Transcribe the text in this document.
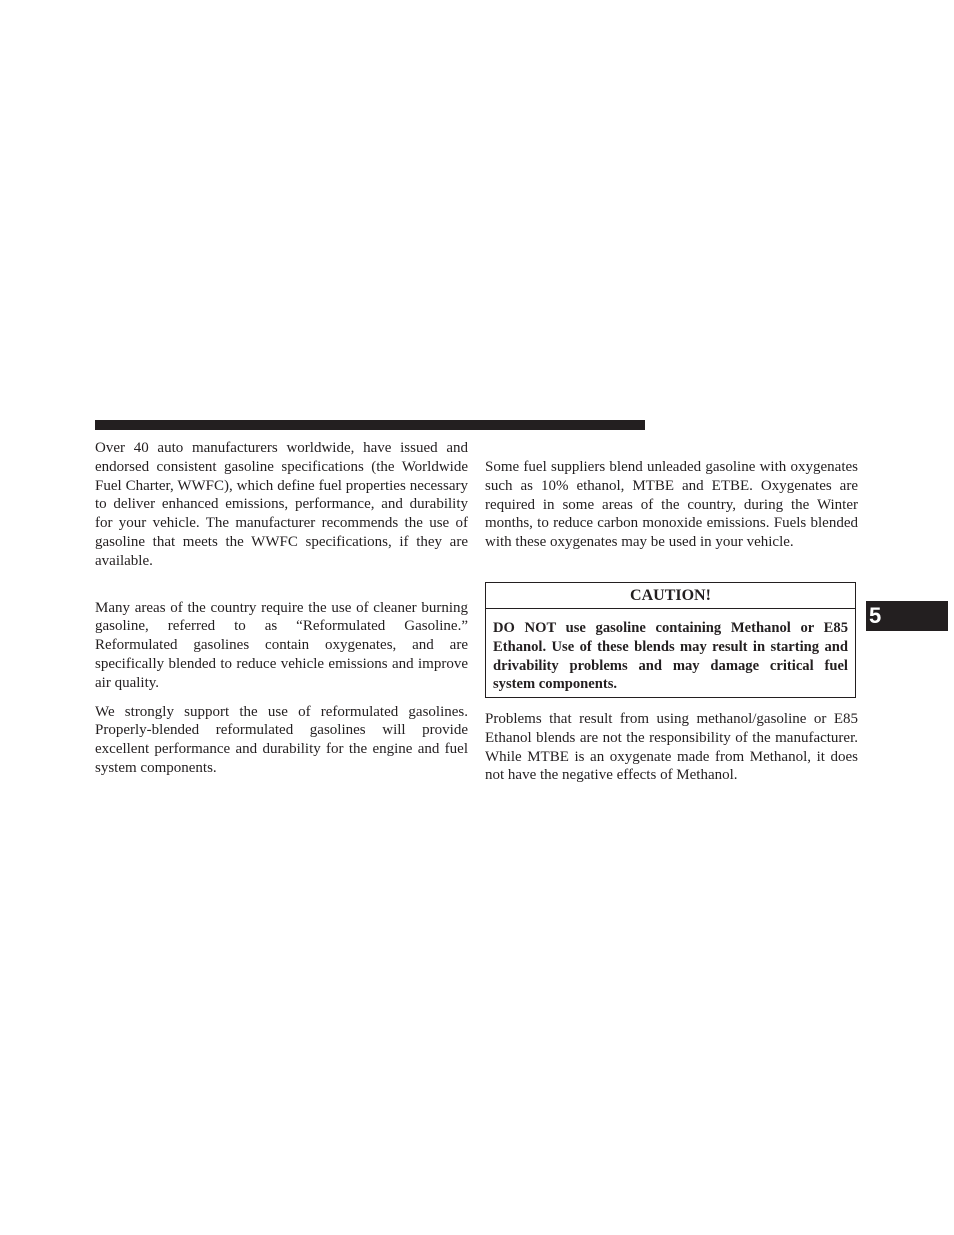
Over 40 auto manufacturers worldwide, have issued and endorsed consistent gasoline specifications (the Worldwide Fuel Charter, WWFC), which define fuel properties necessary to deliver enhanced emissions, performance, and durability for your vehicle. The manufacturer recommends the use of gasoline that meets the WWFC specifications, if they are available.

Many areas of the country require the use of cleaner burning gasoline, referred to as “Reformulated Gasoline.” Reformulated gasolines contain oxygenates, and are specifically blended to reduce vehicle emissions and improve air quality.

We strongly support the use of reformulated gasolines. Properly-blended reformulated gasolines will provide excellent performance and durability for the engine and fuel system components.

Some fuel suppliers blend unleaded gasoline with oxygenates such as 10% ethanol, MTBE and ETBE. Oxygenates are required in some areas of the country, during the Winter months, to reduce carbon monoxide emissions. Fuels blended with these oxygenates may be used in your vehicle.

CAUTION!
DO NOT use gasoline containing Methanol or E85 Ethanol. Use of these blends may result in starting and drivability problems and may damage critical fuel system components.

Problems that result from using methanol/gasoline or E85 Ethanol blends are not the responsibility of the manufacturer. While MTBE is an oxygenate made from Methanol, it does not have the negative effects of Methanol.

5
